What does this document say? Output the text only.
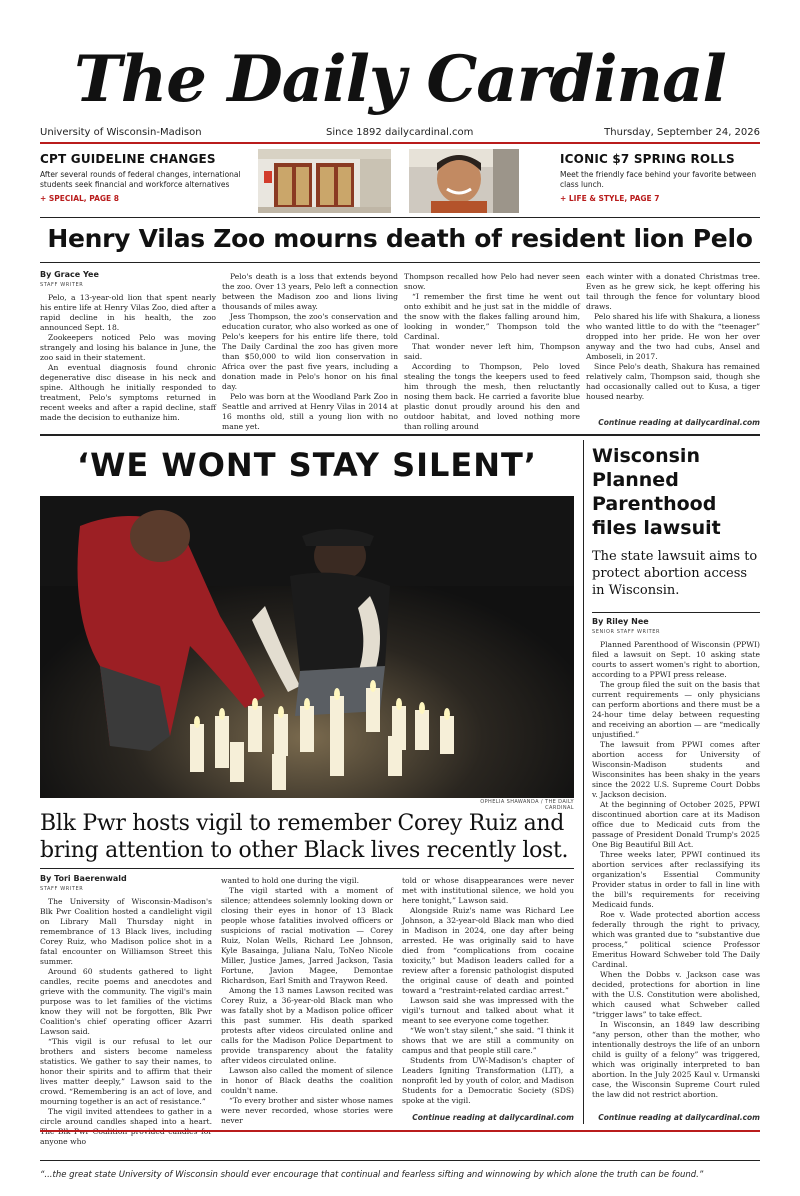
The Daily Cardinal
University of Wisconsin-Madison	Since 1892 dailycardinal.com	Thursday, September 24, 2026
CPT GUIDELINE CHANGES

After several rounds of federal changes, international students seek financial and workforce alternatives

+ SPECIAL, PAGE 8
ICONIC $7 SPRING ROLLS

Meet the friendly face behind your favorite between class lunch.

+ LIFE & STYLE, PAGE 7
Henry Vilas Zoo mourns death of resident lion Pelo
By Grace Yee
STAFF WRITER

Pelo, a 13-year-old lion that spent nearly his entire life at Henry Vilas Zoo, died after a rapid decline in his health, the zoo announced Sept. 18.

Zookeepers noticed Pelo was moving strangely and losing his balance in June, the zoo said in their statement.

An eventual diagnosis found chronic degenerative disc disease in his neck and spine. Although he initially responded to treatment, Pelo's symptoms returned in recent weeks and after a rapid decline, staff made the decision to euthanize him.

Pelo's death is a loss that extends beyond the zoo. Over 13 years, Pelo left a connection between the Madison zoo and lions living thousands of miles away.

Jess Thompson, the zoo's conservation and education curator, who also worked as one of Pelo's keepers for his entire life there, told The Daily Cardinal the zoo has given more than $50,000 to wild lion conservation in Africa over the past five years, including a donation made in Pelo's honor on his final day.

Pelo was born at the Woodland Park Zoo in Seattle and arrived at Henry Vilas in 2014 at 16 months old, still a young lion with no mane yet.

Thompson recalled how Pelo had never seen snow.

“I remember the first time he went out onto exhibit and he just sat in the middle of the snow with the flakes falling around him, looking in wonder,” Thompson told the Cardinal.

That wonder never left him, Thompson said.

According to Thompson, Pelo loved stealing the tongs the keepers used to feed him through the mesh, then reluctantly nosing them back. He carried a favorite blue plastic donut proudly around his den and outdoor habitat, and loved nothing more than rolling around

each winter with a donated Christmas tree. Even as he grew sick, he kept offering his tail through the fence for voluntary blood draws.

Pelo shared his life with Shakura, a lioness who wanted little to do with the “teenager” dropped into her pride. He won her over anyway and the two had cubs, Ansel and Amboseli, in 2017.

Since Pelo's death, Shakura has remained relatively calm, Thompson said, though she had occasionally called out to Kusa, a tiger housed nearby.

Continue reading at dailycardinal.com
‘WE WONT STAY SILENT’
OPHELIA SHAWANDA / THE DAILY CARDINAL
Blk Pwr hosts vigil to remember Corey Ruiz and bring attention to other Black lives recently lost.
By Tori Baerenwald
STAFF WRITER

The University of Wisconsin-Madison's Blk Pwr Coalition hosted a candlelight vigil on Library Mall Thursday night in remembrance of 13 Black lives, including Corey Ruiz, who Madison police shot in a fatal encounter on Williamson Street this summer.

Around 60 students gathered to light candles, recite poems and anecdotes and grieve with the community. The vigil's main purpose was to let families of the victims know they will not be forgotten, Blk Pwr Coalition's chief operating officer Azarri Lawson said.

“This vigil is our refusal to let our brothers and sisters become nameless statistics. We gather to say their names, to honor their spirits and to affirm that their lives matter deeply,” Lawson said to the crowd. “Remembering is an act of love, and mourning together is an act of resistance.”

The vigil invited attendees to gather in a circle around candles shaped into a heart. anyone who

wanted to hold one during the vigil.

The vigil started with a moment of silence; attendees solemnly looking down or closing their eyes in honor of 13 Black people whose fatalities involved officers or suspicions of racial motivation — Corey Ruiz, Nolan Wells, Richard Lee Johnson, Kyle Basainga, Juliana Nalu, ToNeo Nicole Miller, Justice James, Jarred Jackson, Tasia Fortune, Javion Magee, Demontae Richardson, Earl Smith and Traywon Reed.

Among the 13 names Lawson recited was Corey Ruiz, a 36-year-old Black man who was fatally shot by a Madison police officer this past summer. His death sparked protests after videos circulated online and calls for the Madison Police Department to provide transparency about the fatality after videos circulated online.

Lawson also called the moment of silence in honor of Black deaths the coalition couldn't name.

“To every brother and sister whose names were never recorded, whose stories were never

told or whose disappearances were never met with institutional silence, we hold you here tonight,” Lawson said.

Alongside Ruiz's name was Richard Lee Johnson, a 32-year-old Black man who died in Madison in 2024, one day after being arrested. He was originally said to have died from “complications from cocaine toxicity,” but Madison leaders called for a review after a forensic pathologist disputed the original cause of death and pointed toward a “restraint-related cardiac arrest.”

Lawson said she was impressed with the vigil's turnout and talked about what it meant to see everyone come together.

“We won't stay silent,” she said. “I think it shows that we are still a community on campus and that people still care.”

Students from UW-Madison's chapter of Leaders Igniting Transformation (LIT), a nonprofit led by youth of color, and Madison Students for a Democratic Society (SDS) spoke at the vigil.

Continue reading at dailycardinal.com
Wisconsin Planned Parenthood files lawsuit
The state lawsuit aims to protect abortion access in Wisconsin.
By Riley Nee
SENIOR STAFF WRITER

Planned Parenthood of Wisconsin (PPWI) filed a lawsuit on Sept. 10 asking state courts to assert women's right to abortion, according to a PPWI press release.

The group filed the suit on the basis that current requirements — only physicians can perform abortions and there must be a 24-hour time delay between requesting and receiving an abortion — are “medically unjustified.”

The lawsuit from PPWI comes after abortion access for University of Wisconsin-Madison students and Wisconsinites has been shaky in the years since the 2022 U.S. Supreme Court Dobbs v. Jackson decision.

At the beginning of October 2025, PPWI discontinued abortion care at its Madison office due to Medicaid cuts from the passage of President Donald Trump's 2025 One Big Beautiful Bill Act.

Three weeks later, PPWI continued its abortion services after reclassifying its organization's Essential Community Provider status in order to fall in line with the bill's requirements for receiving Medicaid funds.

Roe v. Wade protected abortion access federally through the right to privacy, which was granted due to “substantive due process,” political science Professor Emeritus Howard Schweber told The Daily Cardinal.

When the Dobbs v. Jackson case was decided, protections for abortion in line with the U.S. Constitution were abolished, which caused what Schweber called “trigger laws” to take effect.

In Wisconsin, an 1849 law describing “any person, other than the mother, who intentionally destroys the life of an unborn child is guilty of a felony” was triggered, which was originally interpreted to ban abortion. In the July 2025 Kaul v. Urmanski case, the Wisconsin Supreme Court ruled the law did not restrict abortion.

Continue reading at dailycardinal.com
“...the great state University of Wisconsin should ever encourage that continual and fearless sifting and winnowing by which alone the truth can be found.”
